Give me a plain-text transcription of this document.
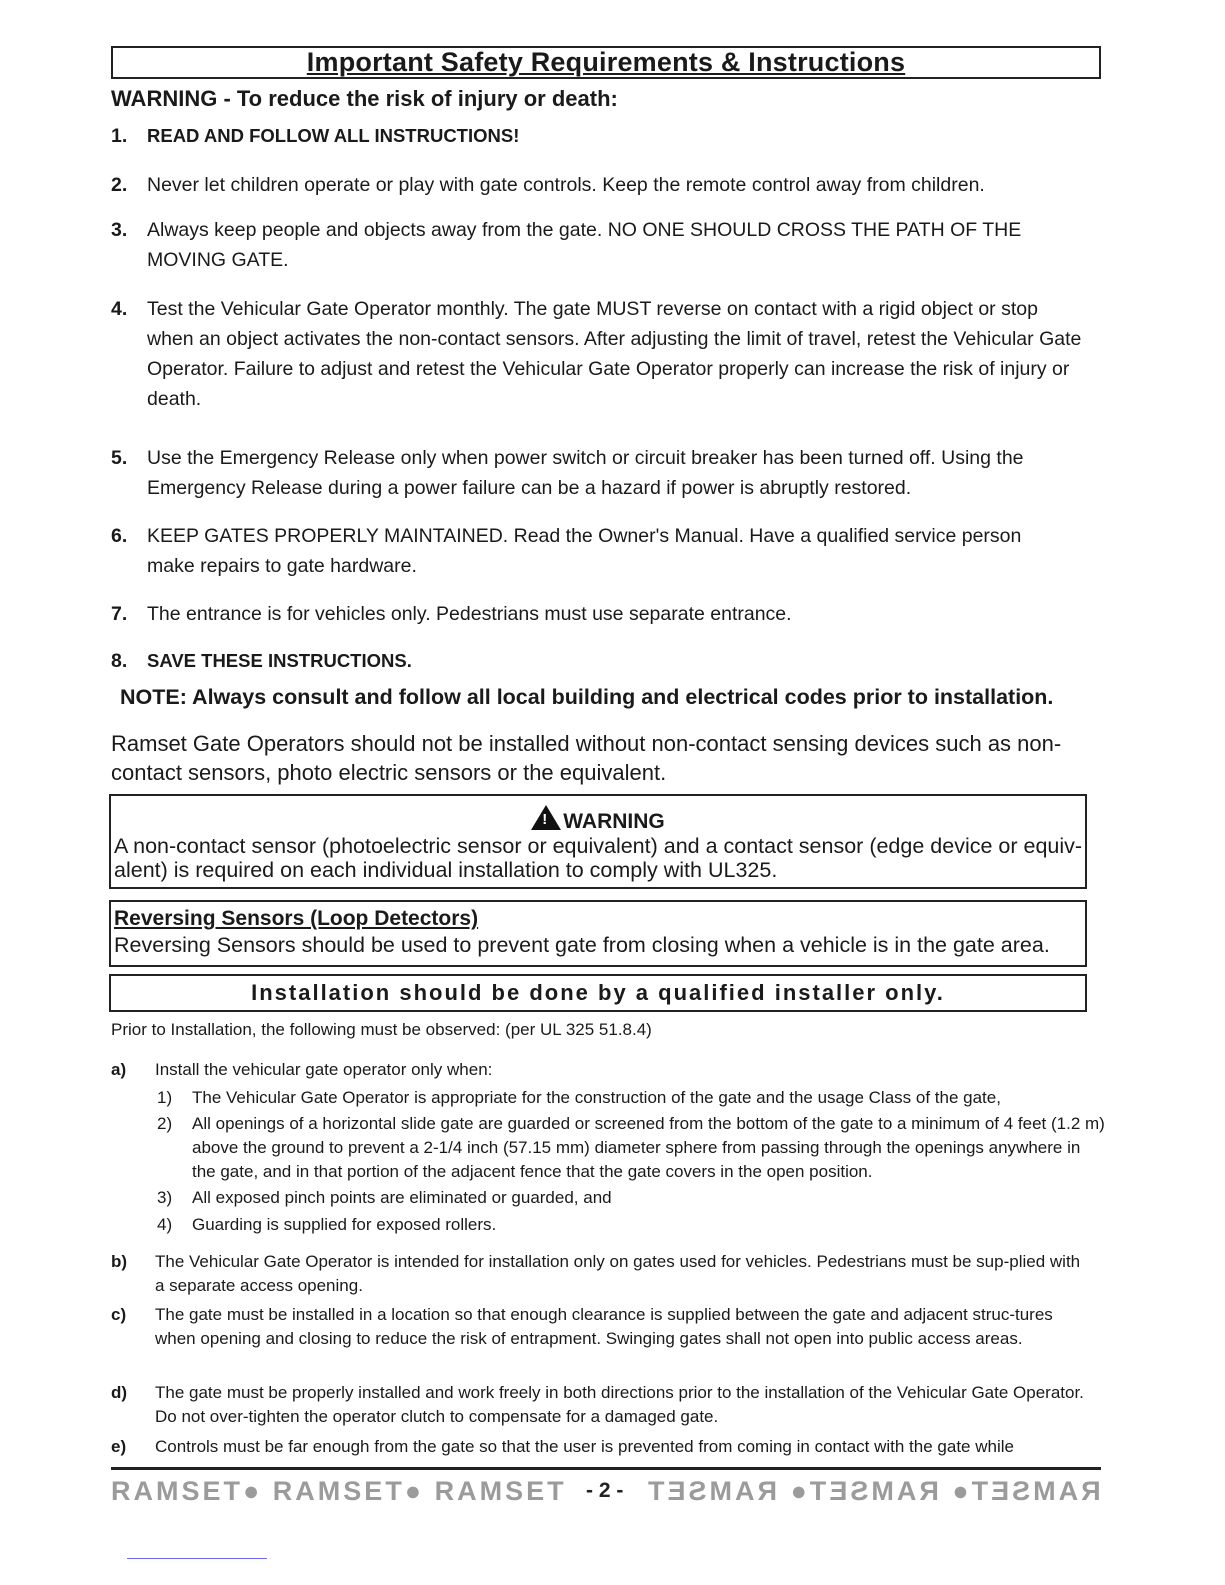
Important Safety Requirements & Instructions
WARNING - To reduce the risk of injury or death:
1. READ AND FOLLOW ALL INSTRUCTIONS!
2. Never let children operate or play with gate controls. Keep the remote control away from children.
3. Always keep people and objects away from the gate. NO ONE SHOULD CROSS THE PATH OF THE MOVING GATE.
4. Test the Vehicular Gate Operator monthly. The gate MUST reverse on contact with a rigid object or stop when an object activates the non-contact sensors. After adjusting the limit of travel, retest the Vehicular Gate Operator. Failure to adjust and retest the Vehicular Gate Operator properly can increase the risk of injury or death.
5. Use the Emergency Release only when power switch or circuit breaker has been turned off. Using the Emergency Release during a power failure can be a hazard if power is abruptly restored.
6. KEEP GATES PROPERLY MAINTAINED. Read the Owner's Manual. Have a qualified service person make repairs to gate hardware.
7. The entrance is for vehicles only. Pedestrians must use separate entrance.
8. SAVE THESE INSTRUCTIONS.
NOTE: Always consult and follow all local building and electrical codes prior to installation.
Ramset Gate Operators should not be installed without non-contact sensing devices such as non-contact sensors, photo electric sensors or the equivalent.
! WARNING
A non-contact sensor (photoelectric sensor or equivalent) and a contact sensor (edge device or equiv-alent) is required on each individual installation to comply with UL325.
Reversing Sensors (Loop Detectors)
Reversing Sensors should be used to prevent gate from closing when a vehicle is in the gate area.
Installation should be done by a qualified installer only.
Prior to Installation, the following must be observed: (per UL 325 51.8.4)
a) Install the vehicular gate operator only when:
1) The Vehicular Gate Operator is appropriate for the construction of the gate and the usage Class of the gate,
2) All openings of a horizontal slide gate are guarded or screened from the bottom of the gate to a minimum of 4 feet (1.2 m) above the ground to prevent a 2-1/4 inch (57.15 mm) diameter sphere from passing through the openings anywhere in the gate, and in that portion of the adjacent fence that the gate covers in the open position.
3) All exposed pinch points are eliminated or guarded, and
4) Guarding is supplied for exposed rollers.
b) The Vehicular Gate Operator is intended for installation only on gates used for vehicles. Pedestrians must be sup-plied with a separate access opening.
c) The gate must be installed in a location so that enough clearance is supplied between the gate and adjacent struc-tures when opening and closing to reduce the risk of entrapment. Swinging gates shall not open into public access areas.
d) The gate must be properly installed and work freely in both directions prior to the installation of the Vehicular Gate Operator. Do not over-tighten the operator clutch to compensate for a damaged gate.
e) Controls must be far enough from the gate so that the user is prevented from coming in contact with the gate while
RAMSET● RAMSET● RAMSET - 2 - RAMSET● RAMSET● RAMSET
